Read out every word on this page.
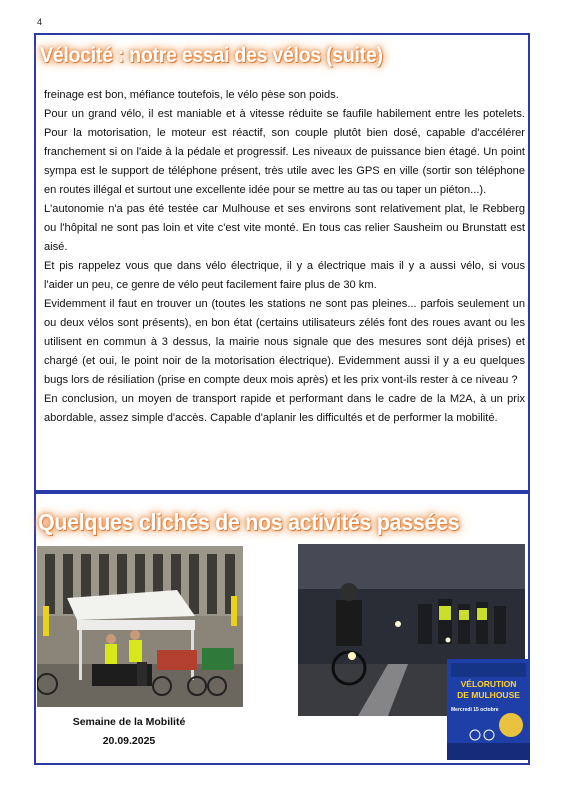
4
Vélocité : notre essai des vélos (suite)

freinage est bon, méfiance toutefois, le vélo pèse son poids.

Pour un grand vélo, il est maniable et à vitesse réduite se faufile habilement entre les potelets. Pour la motorisation, le moteur est réactif, son couple plutôt bien dosé, capable d'accélérer franchement si on l'aide à la pédale et progressif. Les niveaux de puissance bien étagé. Un point sympa est le support de téléphone présent, très utile avec les GPS en ville (sortir son téléphone en routes illégal et surtout une excellente idée pour se mettre au tas ou taper un piéton...).

L'autonomie n'a pas été testée car Mulhouse et ses environs sont relativement plat, le Rebberg ou l'hôpital ne sont pas loin et vite c'est vite monté. En tous cas relier Sausheim ou Brunstatt est aisé.

Et pis rappelez vous que dans vélo électrique, il y a électrique mais il y a aussi vélo, si vous l'aider un peu, ce genre de vélo peut facilement faire plus de 30 km.

Evidemment il faut en trouver un (toutes les stations ne sont pas pleines... parfois seulement un ou deux vélos sont présents), en bon état (certains utilisateurs zélés font des roues avant ou les utilisent en commun à 3 dessus, la mairie nous signale que des mesures sont déjà prises) et chargé (et oui, le point noir de la motorisation électrique). Evidemment aussi il y a eu quelques bugs lors de résiliation (prise en compte deux mois après) et les prix vont-ils rester à ce niveau ?

En conclusion, un moyen de transport rapide et performant dans le cadre de la M2A, à un prix abordable, assez simple d'accès. Capable d'aplanir les difficultés et de performer la mobilité.

Quelques clichés de nos activités passées
VÉLORUTION
DE MULHOUSE
Mercredi 15 octobre
Semaine de la Mobilité
20.09.2025
